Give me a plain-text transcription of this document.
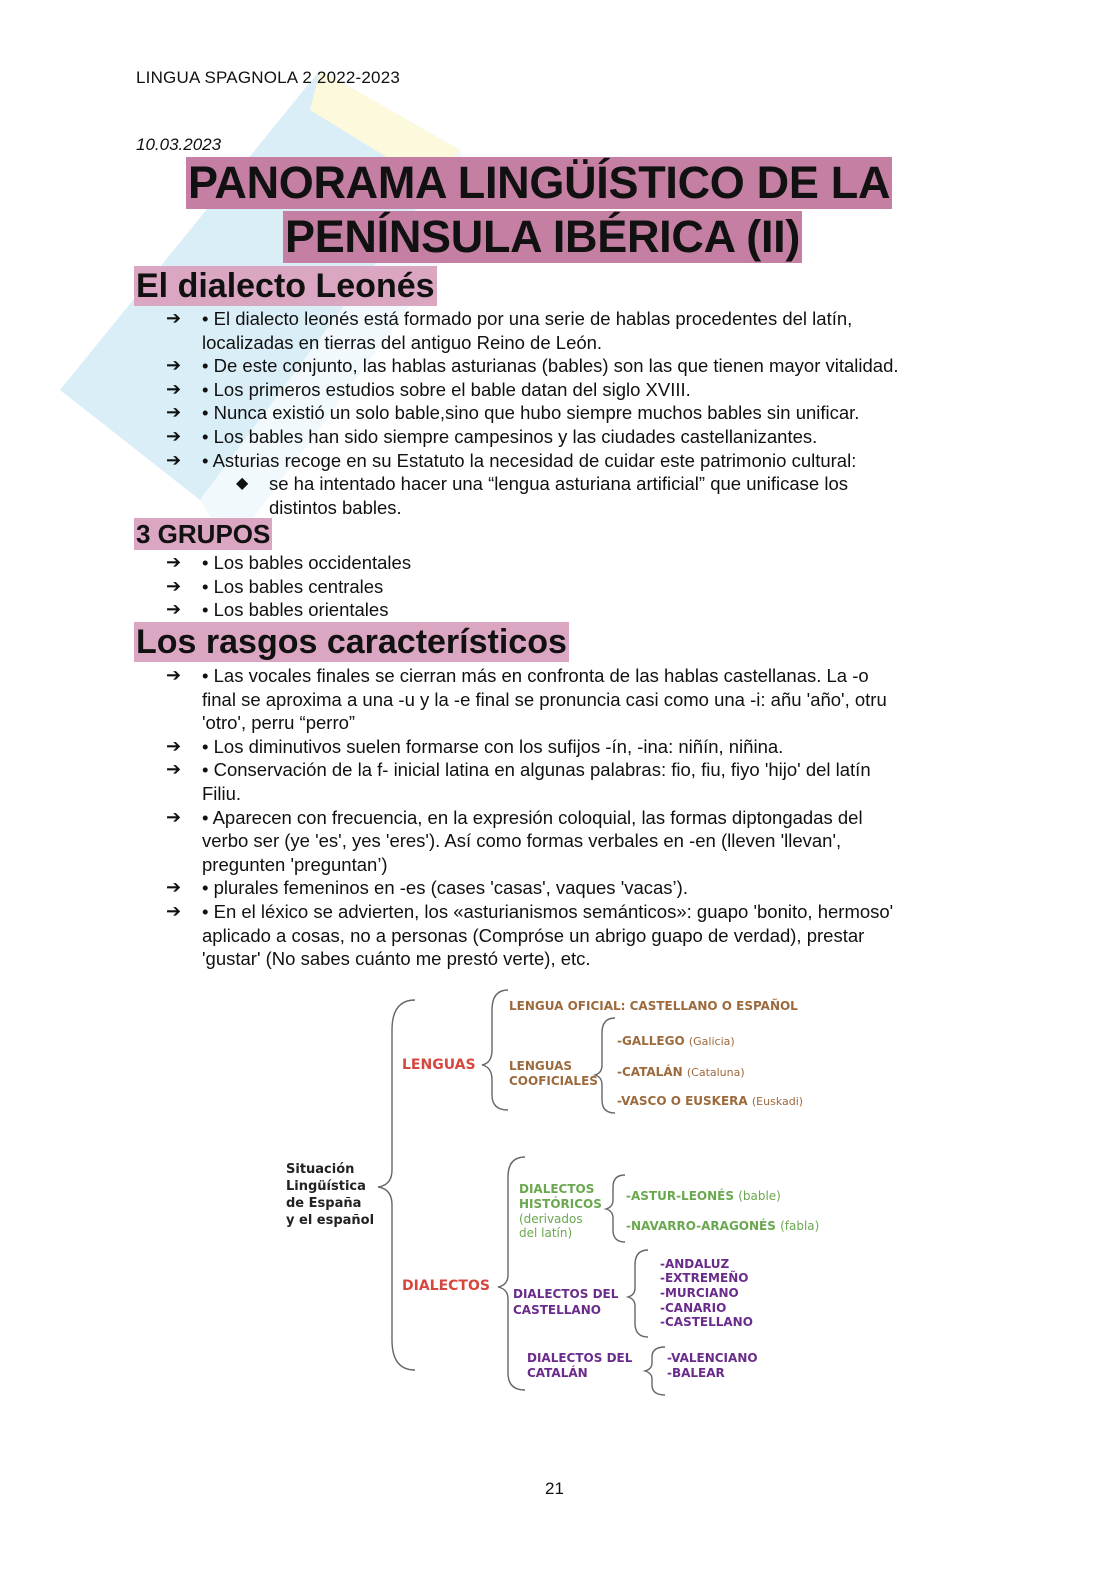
LINGUA SPAGNOLA 2 2022-2023
10.03.2023
PANORAMA LINGÜÍSTICO DE LA
PENÍNSULA IBÉRICA (II)
El dialecto Leonés
➔ • El dialecto leonés está formado por una serie de hablas procedentes del latín,
localizadas en tierras del antiguo Reino de León.
➔ • De este conjunto, las hablas asturianas (bables) son las que tienen mayor vitalidad.
➔ • Los primeros estudios sobre el bable datan del siglo XVIII.
➔ • Nunca existió un solo bable,sino que hubo siempre muchos bables sin unificar.
➔ • Los bables han sido siempre campesinos y las ciudades castellanizantes.
➔ • Asturias recoge en su Estatuto la necesidad de cuidar este patrimonio cultural:
◆ se ha intentado hacer una “lengua asturiana artificial” que unificase los
distintos bables.
3 GRUPOS
➔ • Los bables occidentales
➔ • Los bables centrales
➔ • Los bables orientales
Los rasgos característicos
➔ • Las vocales finales se cierran más en confronta de las hablas castellanas. La -o
final se aproxima a una -u y la -e final se pronuncia casi como una -i: añu 'año', otru
'otro', perru “perro”
➔ • Los diminutivos suelen formarse con los sufijos -ín, -ina: niñín, niñina.
➔ • Conservación de la f- inicial latina en algunas palabras: fio, fiu, fiyo 'hijo' del latín
Filiu.
➔ • Aparecen con frecuencia, en la expresión coloquial, las formas diptongadas del
verbo ser (ye 'es', yes 'eres'). Así como formas verbales en -en (lleven 'llevan',
pregunten 'preguntan’)
➔ • plurales femeninos en -es (cases 'casas', vaques 'vacas’).
➔ • En el léxico se advierten, los «asturianismos semánticos»: guapo 'bonito, hermoso'
aplicado a cosas, no a personas (Compróse un abrigo guapo de verdad), prestar
'gustar' (No sabes cuánto me prestó verte), etc.
Situación
Lingüística
de España
y el español
LENGUAS
LENGUA OFICIAL: CASTELLANO O ESPAÑOL
LENGUAS
COOFICIALES
-GALLEGO (Galicia)
-CATALÁN (Cataluna)
-VASCO O EUSKERA (Euskadi)
DIALECTOS
DIALECTOS
HISTÓRICOS
(derivados
del latín)
-ASTUR-LEONÉS (bable)
-NAVARRO-ARAGONÉS (fabla)
DIALECTOS DEL
CASTELLANO
-ANDALUZ
-EXTREMEÑO
-MURCIANO
-CANARIO
-CASTELLANO
DIALECTOS DEL
CATALÁN
-VALENCIANO
-BALEAR
21
